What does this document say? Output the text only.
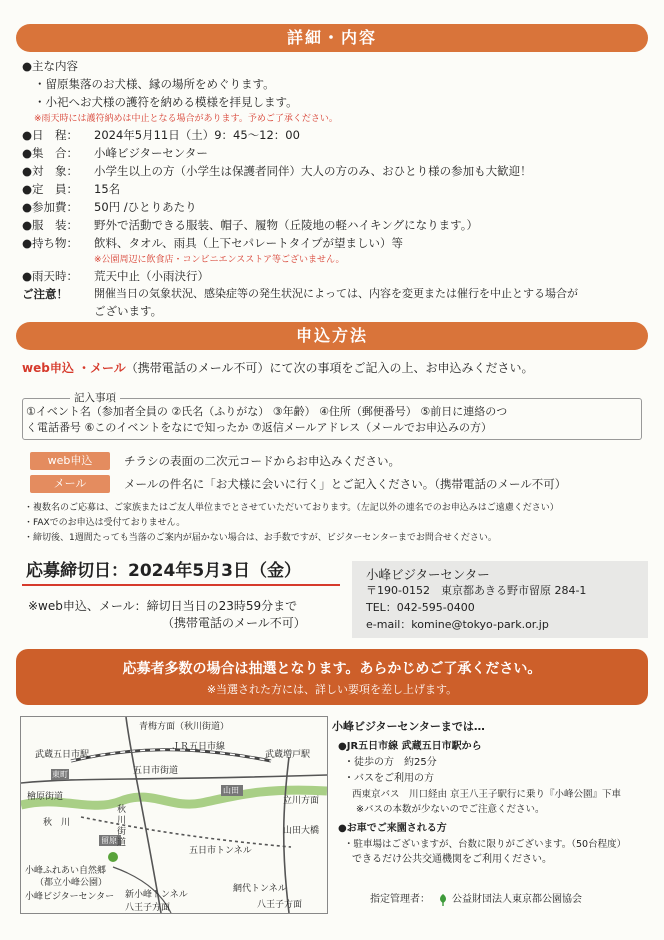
詳細・内容
●主な内容
・留原集落のお犬様、縁の場所をめぐります。
・小祀へお犬様の護符を納める模様を拝見します。
※雨天時には護符納めは中止となる場合があります。予めご了承ください。
●日　程： 2024年5月11日（土）9：45～12：00
●集　合： 小峰ビジターセンター
●対　象： 小学生以上の方（小学生は保護者同伴）大人の方のみ、おひとり様の参加も大歓迎！
●定　員： 15名
●参加費： 50円 /ひとりあたり
●服　装： 野外で活動できる服装、帽子、履物（丘陵地の軽ハイキングになります。）
●持ち物： 飲料、タオル、雨具（上下セパレートタイプが望ましい）等
※公園周辺に飲食店・コンビニエンスストア等ございません。
●雨天時： 荒天中止（小雨決行）
ご注意！ 開催当日の気象状況、感染症等の発生状況によっては、内容を変更または催行を中止とする場合が
ございます。
申込方法
web申込 ・メール（携帯電話のメール不可）にて次の事項をご記入の上、お申込みください。
記入事項
①イベント名（参加者全員の ②氏名（ふりがな） ③年齢） ④住所（郵便番号） ⑤前日に連絡のつ
く電話番号 ⑥このイベントをなにで知ったか ⑦返信メールアドレス（メールでお申込みの方）
web申込	チラシの表面の二次元コードからお申込みください。
メール	メールの件名に「お犬様に会いに行く」とご記入ください。（携帯電話のメール不可）
・複数名のご応募は、ご家族またはご友人単位までとさせていただいております。（左記以外の連名でのお申込みはご遠慮ください）
・FAXでのお申込は受付ておりません。
・締切後、1週間たっても当落のご案内が届かない場合は、お手数ですが、ビジターセンターまでお問合せください。
応募締切日：2024年5月3日（金）
※web申込、メール：締切日当日の23時59分まで
（携帯電話のメール不可）
小峰ビジターセンター
〒190-0152　東京都あきる野市留原 284-1
TEL：042-595-0400
e-mail：komine@tokyo-park.or.jp
応募者多数の場合は抽選となります。あらかじめご了承ください。
※当選された方には、詳しい要項を差し上げます。
青梅方面（秋川街道）
武蔵五日市駅
ＪＲ五日市線
武蔵増戸駅
五日市街道
東町
檜原街道
秋　川
秋川街道
山田
立川方面
山田大橋
留原
五日市トンネル
小峰ふれあい自然郷
（都立小峰公園）
小峰ビジターセンター 新小峰トンネル
八王子方面
網代トンネル
八王子方面
小峰ビジターセンターまでは…
●JR五日市線 武蔵五日市駅から
・徒歩の方　約25分
・バスをご利用の方
西東京バス　川口経由 京王八王子駅行に乗り『小峰公園』下車
※バスの本数が少ないのでご注意ください。
●お車でご来園される方
・駐車場はございますが、台数に限りがございます。（50台程度）
できるだけ公共交通機関をご利用ください。
指定管理者： 公益財団法人東京都公園協会
